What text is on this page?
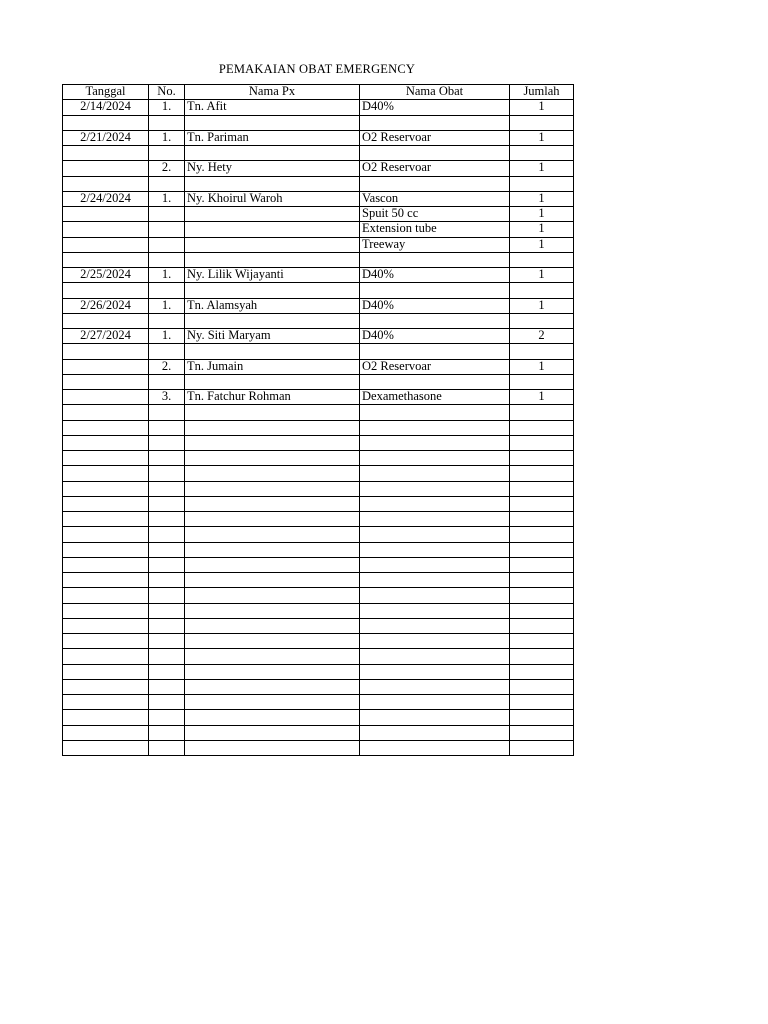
PEMAKAIAN OBAT EMERGENCY
Tanggal	No.	Nama Px	Nama Obat	Jumlah
2/14/2024	1.	Tn. Afit	D40%	1

2/21/2024	1.	Tn. Pariman	O2 Reservoar	1

	2.	Ny. Hety	O2 Reservoar	1

2/24/2024	1.	Ny. Khoirul Waroh	Vascon	1
			Spuit 50 cc	1
			Extension tube	1
			Treeway	1

2/25/2024	1.	Ny. Lilik Wijayanti	D40%	1

2/26/2024	1.	Tn. Alamsyah	D40%	1

2/27/2024	1.	Ny. Siti Maryam	D40%	2

	2.	Tn. Jumain	O2 Reservoar	1

	3.	Tn. Fatchur Rohman	Dexamethasone	1
